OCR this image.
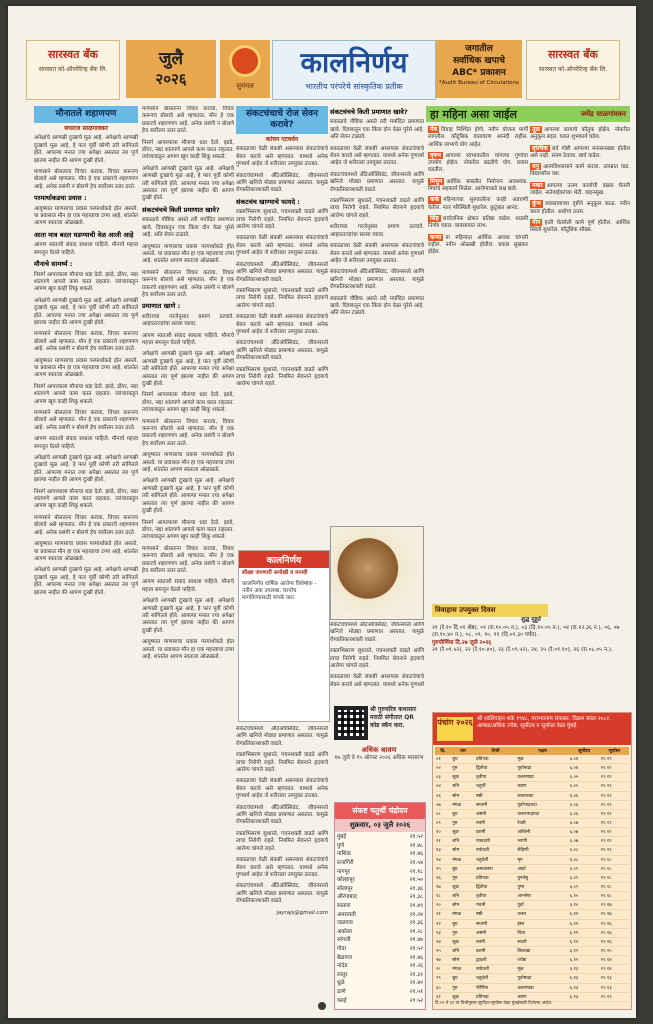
सारस्वत बँक
सारस्वत को-ऑपरेटिव्ह बँक लि.
जुलै
२०२६	सुमंगल
कालनिर्णय
भारतीय परंपरेचे सांस्कृतिक प्रतीक
जगातील
सर्वाधिक खपाचे
ABC* प्रकाशन
*Audit Bureau of Circulations
सारस्वत बँक
सारस्वत को-ऑपरेटिव्ह बँक लि.
मौनातले शहाणपण
जयराज साळगावकर

अपेक्षांचे आणखी दुःखाचे मूळ आहे. अपेक्षाचे आणखी दुःखाचे मूळ आहे, हे फार पूर्वी कोणी तरी सांगितले होते. आपल्या मनात ज्या अपेक्षा असतात त्या पूर्ण झाल्या नाहीत की आपण दुःखी होतो.

माणसाने बोलताना विचार करावा, विचार करूनच बोलावे असे म्हणतात. मौन हे एक प्रकारचे शहाणपण आहे. अनेक प्रसंगी न बोलणे हेच सर्वोत्तम उत्तर ठरते.

परमार्थाकडचा प्रवास :

आयुष्यात माणसाचा प्रवास परमार्थाकडे होत असतो. या प्रवासात मौन हा एक महत्त्वाचा टप्पा आहे. शांततेत आपण स्वतःला ओळखतो.

आता मात्र बदल घडण्याची वेळ आली आहे

आपण स्वतःशी संवाद साधला पाहिजे. मौनाचे महत्त्व समजून घेतले पाहिजे.

मौनाचे सामर्थ्य :

निसर्ग आपल्याला मौनाचा धडा देतो. झाडे, डोंगर, नद्या शांतपणे आपले काम करत राहतात. त्यांच्याकडून आपण खूप काही शिकू शकतो.

अपेक्षांचे आणखी दुःखाचे मूळ आहे. अपेक्षाचे आणखी दुःखाचे मूळ आहे, हे फार पूर्वी कोणी तरी सांगितले होते. आपल्या मनात ज्या अपेक्षा असतात त्या पूर्ण झाल्या नाहीत की आपण दुःखी होतो.

माणसाने बोलताना विचार करावा, विचार करूनच बोलावे असे म्हणतात. मौन हे एक प्रकारचे शहाणपण आहे. अनेक प्रसंगी न बोलणे हेच सर्वोत्तम उत्तर ठरते.

आयुष्यात माणसाचा प्रवास परमार्थाकडे होत असतो. या प्रवासात मौन हा एक महत्त्वाचा टप्पा आहे. शांततेत आपण स्वतःला ओळखतो.

निसर्ग आपल्याला मौनाचा धडा देतो. झाडे, डोंगर, नद्या शांतपणे आपले काम करत राहतात. त्यांच्याकडून आपण खूप काही शिकू शकतो.

माणसाने बोलताना विचार करावा, विचार करूनच बोलावे असे म्हणतात. मौन हे एक प्रकारचे शहाणपण आहे. अनेक प्रसंगी न बोलणे हेच सर्वोत्तम उत्तर ठरते.

आपण स्वतःशी संवाद साधला पाहिजे. मौनाचे महत्त्व समजून घेतले पाहिजे.

अपेक्षांचे आणखी दुःखाचे मूळ आहे. अपेक्षाचे आणखी दुःखाचे मूळ आहे, हे फार पूर्वी कोणी तरी सांगितले होते. आपल्या मनात ज्या अपेक्षा असतात त्या पूर्ण झाल्या नाहीत की आपण दुःखी होतो.

निसर्ग आपल्याला मौनाचा धडा देतो. झाडे, डोंगर, नद्या शांतपणे आपले काम करत राहतात. त्यांच्याकडून आपण खूप काही शिकू शकतो.

माणसाने बोलताना विचार करावा, विचार करूनच बोलावे असे म्हणतात. मौन हे एक प्रकारचे शहाणपण आहे. अनेक प्रसंगी न बोलणे हेच सर्वोत्तम उत्तर ठरते.

आयुष्यात माणसाचा प्रवास परमार्थाकडे होत असतो. या प्रवासात मौन हा एक महत्त्वाचा टप्पा आहे. शांततेत आपण स्वतःला ओळखतो.

अपेक्षांचे आणखी दुःखाचे मूळ आहे. अपेक्षाचे आणखी दुःखाचे मूळ आहे, हे फार पूर्वी कोणी तरी सांगितले होते. आपल्या मनात ज्या अपेक्षा असतात त्या पूर्ण झाल्या नाहीत की आपण दुःखी होतो.

माणसाने बोलताना विचार करावा, विचार करूनच बोलावे असे म्हणतात. मौन हे एक प्रकारचे शहाणपण आहे. अनेक प्रसंगी न बोलणे हेच सर्वोत्तम उत्तर ठरते.

निसर्ग आपल्याला मौनाचा धडा देतो. झाडे, डोंगर, नद्या शांतपणे आपले काम करत राहतात. त्यांच्याकडून आपण खूप काही शिकू शकतो.

अपेक्षांचे आणखी दुःखाचे मूळ आहे. अपेक्षाचे आणखी दुःखाचे मूळ आहे, हे फार पूर्वी कोणी तरी सांगितले होते. आपल्या मनात ज्या अपेक्षा असतात त्या पूर्ण झाल्या नाहीत की आपण दुःखी होतो.

संकटचंचचे किती प्रमाणात खावे?

सकाळचे पौष्टिक असते तरी मर्यादित प्रमाणात खावे. दिवसातून एक किंवा दोन वेळा पुरेसे आहे. अति सेवन टाळावे.

आयुष्यात माणसाचा प्रवास परमार्थाकडे होत असतो. या प्रवासात मौन हा एक महत्त्वाचा टप्पा आहे. शांततेत आपण स्वतःला ओळखतो.

माणसाने बोलताना विचार करावा, विचार करूनच बोलावे असे म्हणतात. मौन हे एक प्रकारचे शहाणपण आहे. अनेक प्रसंगी न बोलणे हेच सर्वोत्तम उत्तर ठरते.

प्रमाणात खाणे :

शरीराच्या गरजेनुसार प्रमाण ठरवावे. आहारतज्ज्ञांचा सल्ला घ्यावा.

आपण स्वतःशी संवाद साधला पाहिजे. मौनाचे महत्त्व समजून घेतले पाहिजे.

अपेक्षांचे आणखी दुःखाचे मूळ आहे. अपेक्षाचे आणखी दुःखाचे मूळ आहे, हे फार पूर्वी कोणी तरी सांगितले होते. आपल्या मनात ज्या अपेक्षा असतात त्या पूर्ण झाल्या नाहीत की आपण दुःखी होतो.

निसर्ग आपल्याला मौनाचा धडा देतो. झाडे, डोंगर, नद्या शांतपणे आपले काम करत राहतात. त्यांच्याकडून आपण खूप काही शिकू शकतो.

माणसाने बोलताना विचार करावा, विचार करूनच बोलावे असे म्हणतात. मौन हे एक प्रकारचे शहाणपण आहे. अनेक प्रसंगी न बोलणे हेच सर्वोत्तम उत्तर ठरते.

आयुष्यात माणसाचा प्रवास परमार्थाकडे होत असतो. या प्रवासात मौन हा एक महत्त्वाचा टप्पा आहे. शांततेत आपण स्वतःला ओळखतो.

अपेक्षांचे आणखी दुःखाचे मूळ आहे. अपेक्षाचे आणखी दुःखाचे मूळ आहे, हे फार पूर्वी कोणी तरी सांगितले होते. आपल्या मनात ज्या अपेक्षा असतात त्या पूर्ण झाल्या नाहीत की आपण दुःखी होतो.

निसर्ग आपल्याला मौनाचा धडा देतो. झाडे, डोंगर, नद्या शांतपणे आपले काम करत राहतात. त्यांच्याकडून आपण खूप काही शिकू शकतो.

माणसाने बोलताना विचार करावा, विचार करूनच बोलावे असे म्हणतात. मौन हे एक प्रकारचे शहाणपण आहे. अनेक प्रसंगी न बोलणे हेच सर्वोत्तम उत्तर ठरते.

आपण स्वतःशी संवाद साधला पाहिजे. मौनाचे महत्त्व समजून घेतले पाहिजे.

अपेक्षांचे आणखी दुःखाचे मूळ आहे. अपेक्षाचे आणखी दुःखाचे मूळ आहे, हे फार पूर्वी कोणी तरी सांगितले होते. आपल्या मनात ज्या अपेक्षा असतात त्या पूर्ण झाल्या नाहीत की आपण दुःखी होतो.

आयुष्यात माणसाचा प्रवास परमार्थाकडे होत असतो. या प्रवासात मौन हा एक महत्त्वाचा टप्पा आहे. शांततेत आपण स्वतःला ओळखतो.

संकटचंचाचे रोज सेवन करावे?
कांचन पटवर्धन

सकाळच्या वेळी संकष्टी असल्यास संकटचंचाचे सेवन करावे असे म्हणतात. यामध्ये अनेक गुणधर्म आहेत जे शरीराला उपयुक्त ठरतात.

संकटचंचामध्ये अँटिऑक्सिडंट, जीवनसत्त्वे आणि खनिजे मोठ्या प्रमाणात असतात. यामुळे रोगप्रतिकारशक्ती वाढते.

संकटचंच खाण्याचे फायदे :

रक्ताभिसरण सुधारते, पचनशक्ती वाढते आणि त्वचा निरोगी राहते. नियमित सेवनाने हृदयाचे आरोग्य चांगले राहते.

सकाळच्या वेळी संकष्टी असल्यास संकटचंचाचे सेवन करावे असे म्हणतात. यामध्ये अनेक गुणधर्म आहेत जे शरीराला उपयुक्त ठरतात.

संकटचंचामध्ये अँटिऑक्सिडंट, जीवनसत्त्वे आणि खनिजे मोठ्या प्रमाणात असतात. यामुळे रोगप्रतिकारशक्ती वाढते.

रक्ताभिसरण सुधारते, पचनशक्ती वाढते आणि त्वचा निरोगी राहते. नियमित सेवनाने हृदयाचे आरोग्य चांगले राहते.

सकाळच्या वेळी संकष्टी असल्यास संकटचंचाचे सेवन करावे असे म्हणतात. यामध्ये अनेक गुणधर्म आहेत जे शरीराला उपयुक्त ठरतात.

संकटचंचामध्ये अँटिऑक्सिडंट, जीवनसत्त्वे आणि खनिजे मोठ्या प्रमाणात असतात. यामुळे रोगप्रतिकारशक्ती वाढते.

रक्ताभिसरण सुधारते, पचनशक्ती वाढते आणि त्वचा निरोगी राहते. नियमित सेवनाने हृदयाचे आरोग्य चांगले राहते.

संकटचंचामध्ये अँटिऑक्सिडंट, जीवनसत्त्वे आणि खनिजे मोठ्या प्रमाणात असतात. यामुळे रोगप्रतिकारशक्ती वाढते.

रक्ताभिसरण सुधारते, पचनशक्ती वाढते आणि त्वचा निरोगी राहते. नियमित सेवनाने हृदयाचे आरोग्य चांगले राहते.

सकाळच्या वेळी संकष्टी असल्यास संकटचंचाचे सेवन करावे असे म्हणतात. यामध्ये अनेक गुणधर्म आहेत जे शरीराला उपयुक्त ठरतात.

संकटचंचामध्ये अँटिऑक्सिडंट, जीवनसत्त्वे आणि खनिजे मोठ्या प्रमाणात असतात. यामुळे रोगप्रतिकारशक्ती वाढते.

रक्ताभिसरण सुधारते, पचनशक्ती वाढते आणि त्वचा निरोगी राहते. नियमित सेवनाने हृदयाचे आरोग्य चांगले राहते.

सकाळच्या वेळी संकष्टी असल्यास संकटचंचाचे सेवन करावे असे म्हणतात. यामध्ये अनेक गुणधर्म आहेत जे शरीराला उपयुक्त ठरतात.

संकटचंचामध्ये अँटिऑक्सिडंट, जीवनसत्त्वे आणि खनिजे मोठ्या प्रमाणात असतात. यामुळे रोगप्रतिकारशक्ती वाढते.

jayrajs@gmail.com

कालनिर्णय
सौख्य जपणारी अनोखी व मानवी
कालनिर्णय वार्षिक आरोग्य विशेषांक - नवीन अंक उपलब्ध. घरपोच मागविण्यासाठी संपर्क करा.
संकटचंचचे किती प्रमाणात खावे?

सकाळचे पौष्टिक असते तरी मर्यादित प्रमाणात खावे. दिवसातून एक किंवा दोन वेळा पुरेसे आहे. अति सेवन टाळावे.

सकाळच्या वेळी संकष्टी असल्यास संकटचंचाचे सेवन करावे असे म्हणतात. यामध्ये अनेक गुणधर्म आहेत जे शरीराला उपयुक्त ठरतात.

संकटचंचामध्ये अँटिऑक्सिडंट, जीवनसत्त्वे आणि खनिजे मोठ्या प्रमाणात असतात. यामुळे रोगप्रतिकारशक्ती वाढते.

रक्ताभिसरण सुधारते, पचनशक्ती वाढते आणि त्वचा निरोगी राहते. नियमित सेवनाने हृदयाचे आरोग्य चांगले राहते.

शरीराच्या गरजेनुसार प्रमाण ठरवावे. आहारतज्ज्ञांचा सल्ला घ्यावा.

सकाळच्या वेळी संकष्टी असल्यास संकटचंचाचे सेवन करावे असे म्हणतात. यामध्ये अनेक गुणधर्म आहेत जे शरीराला उपयुक्त ठरतात.

संकटचंचामध्ये अँटिऑक्सिडंट, जीवनसत्त्वे आणि खनिजे मोठ्या प्रमाणात असतात. यामुळे रोगप्रतिकारशक्ती वाढते.

सकाळचे पौष्टिक असते तरी मर्यादित प्रमाणात खावे. दिवसातून एक किंवा दोन वेळा पुरेसे आहे. अति सेवन टाळावे.

संकटचंचामध्ये अँटिऑक्सिडंट, जीवनसत्त्वे आणि खनिजे मोठ्या प्रमाणात असतात. यामुळे रोगप्रतिकारशक्ती वाढते.

रक्ताभिसरण सुधारते, पचनशक्ती वाढते आणि त्वचा निरोगी राहते. नियमित सेवनाने हृदयाचे आरोग्य चांगले राहते.

सकाळच्या वेळी संकष्टी असल्यास संकटचंचाचे सेवन करावे असे म्हणतात. यामध्ये अनेक गुणधर्म

श्री गुरुचरित्र कथासार मराठी संगीतात QR कोड स्कॅन करा.
अधिक श्रावण
१७ जुलै ते १५ ऑगस्ट २०२६ अधिक मासारंभ
संकष्ट चतुर्थी चंद्रोदय
शुक्रवार, ०३ जुलै २०२६
मुंबई	२१.५२
पुणे	२१.४८
नाशिक	२१.४६
रत्नागिरी	२१.५४
नागपूर	२१.१८
कोल्हापूर	२१.५०
सोलापूर	२१.३६
औरंगाबाद	२१.३८
सातारा	२१.४९
अमरावती	२१.२४
जळगाव	२१.३६
अकोला	२१.२८
सांगली	२१.४७
गोवा	२१.५२
बेळगाव	२१.४६
नांदेड	२१.२६
लातूर	२१.३२
धुळे	२१.४०
ठाणे	२१.५१
वसई	२१.५२
हा महिना असा जाईल	जयेंद्र साळगांवकर
मेष विवाह निश्चित होणे, नवीन योजना मार्गी लागतील. कौटुंबिक वातावरण आनंदी राहील. आर्थिक लाभाचे योग आहेत.
वृषभ आपल्या स्वभावातील चांगल्या गुणांचा उपयोग होईल. नोकरीत बढतीचे योग. प्रवास घडतील.
मिथुन आर्थिक बाबतीत नियोजन आवश्यक. मित्रांचे सहकार्य मिळेल. आरोग्याकडे लक्ष द्यावे.
कर्क महिन्याच्या सुरुवातीला काही अडचणी येतील. नंतर परिस्थिती सुधारेल. कुटुंबात आनंद.
सिंह सार्वजनिक क्षेत्रात प्रतिष्ठा वाढेल. धाडसी निर्णय घ्याल. व्यवसायात लाभ.
कन्या या महिन्यात आर्थिक आवक चांगली राहील. नवीन ओळखी होतील. प्रवास सुखकर होईल.
तूळ आपल्या कामाचे कौतुक होईल. नोकरीत अनुकूल बदल. घरात शुभकार्य घडेल.
वृश्चिक सर्व गोष्टी आपल्या मनासारख्या होतील असे नाही. संयम ठेवावा. खर्च वाढेल.
धनु आत्मविश्वासाने कामे कराल. उत्पन्नात वाढ. विद्यार्थ्यांना यश.
मकर आपल्या उत्तम कार्याची दखल घेतली जाईल. नातेवाईकांच्या भेटी. वाहनसुख.
कुंभ व्यवसायाच्या दृष्टीने अनुकूल काळ. नवीन करार होतील. आरोग्य उत्तम.
मीन हाती घेतलेली कामे पूर्ण होतील. आर्थिक स्थिती सुधारेल. कौटुंबिक सौख्य.
विवाहास उपयुक्त दिवस
शुद्ध मुहूर्त
२१ (रे.१० दि.०१ श्रेष्ठ), ०२ (रा.१०.०५ न.), ०३ (दि.१०.०५ न.), ०४ (रा.१२.३६ न.), ०६, ०७ (रा.१०.४० न.), ०८, ०९, १०, ११ (दि.०१.३० पर्यंत).
गुरुपौर्णिमा दि.२७ जुलै २०२६
२१ (रे.०१.५२), २२ (रे.१०.४०), २३ (रे.०९.५२), २४, २५ (रे.०१.१०), २६ (रा.०८.०५ न.).
पंचांग २०२६ श्री शालिवाहन शके १९४८, पराभवनाम संवत्सर. विक्रम संवत २०८२. आषाढ/अधिक ज्येष्ठ. सूर्योदय व सूर्यास्त वेळा मुंबई.
दि.	वार	तिथी	नक्षत्र	सूर्योदय	सूर्यास्त
०१	बुध	प्रतिपदा	मूळ	६.०४	१९.१९
०२	गुरु	द्वितीया	पूर्वाषाढा	६.०४	१९.१९
०३	शुक्र	तृतीया	उत्तराषाढा	६.०५	१९.१९
०४	शनि	चतुर्थी	श्रवण	६.०५	१९.१९

०६	सोम	षष्ठी	शततारका	६.०६	१९.१९
०७	मंगळ	सप्तमी	पूर्वाभाद्रपदा	६.०६	१९.१९
०८	बुध	अष्टमी	उत्तराभाद्रपदा	६.०६	१९.१९
०९	गुरु	नवमी	रेवती	६.०७	१९.१९
१०	शुक्र	दशमी	अश्विनी	६.०७	१९.१९
११	शनि	एकादशी	भरणी	६.०७	१९.१९

१३	सोम	त्रयोदशी	रोहिणी	६.०८	१९.१९
१४	मंगळ	चतुर्दशी	मृग	६.०८	१९.१८
१५	बुध	अमावास्या	आर्द्रा	६.०९	१९.१८
१६	गुरु	प्रतिपदा	पुनर्वसु	६.०९	१९.१८
१७	शुक्र	द्वितीया	पुष्य	६.०९	१९.१८
१८	शनि	तृतीया	आश्लेषा	६.१०	१९.१८

२०	सोम	पंचमी	पूर्वा	६.१०	१९.१७
२१	मंगळ	षष्ठी	उत्तरा	६.११	१९.१७
२२	बुध	सप्तमी	हस्त	६.११	१९.१६
२३	गुरु	अष्टमी	चित्रा	६.११	१९.१६
२४	शुक्र	नवमी	स्वाती	६.११	१९.१६
२५	शनि	दशमी	विशाखा	६.१२	१९.१५

२७	सोम	द्वादशी	ज्येष्ठा	६.१२	१९.१४
२८	मंगळ	त्रयोदशी	मूळ	६.१३	१९.१४
२९	बुध	चतुर्दशी	पूर्वाषाढा	६.१३	१९.१३
३०	गुरु	पौर्णिमा	उत्तराषाढा	६.१३	१९.१३
३१	शुक्र	प्रतिपदा	श्रवण	६.१३	१९.१२
दि.०१ ते ३१ या तिथीनुसार सूर्योदय-सूर्यास्त वेळा मुंबईसाठी दिलेल्या आहेत.
